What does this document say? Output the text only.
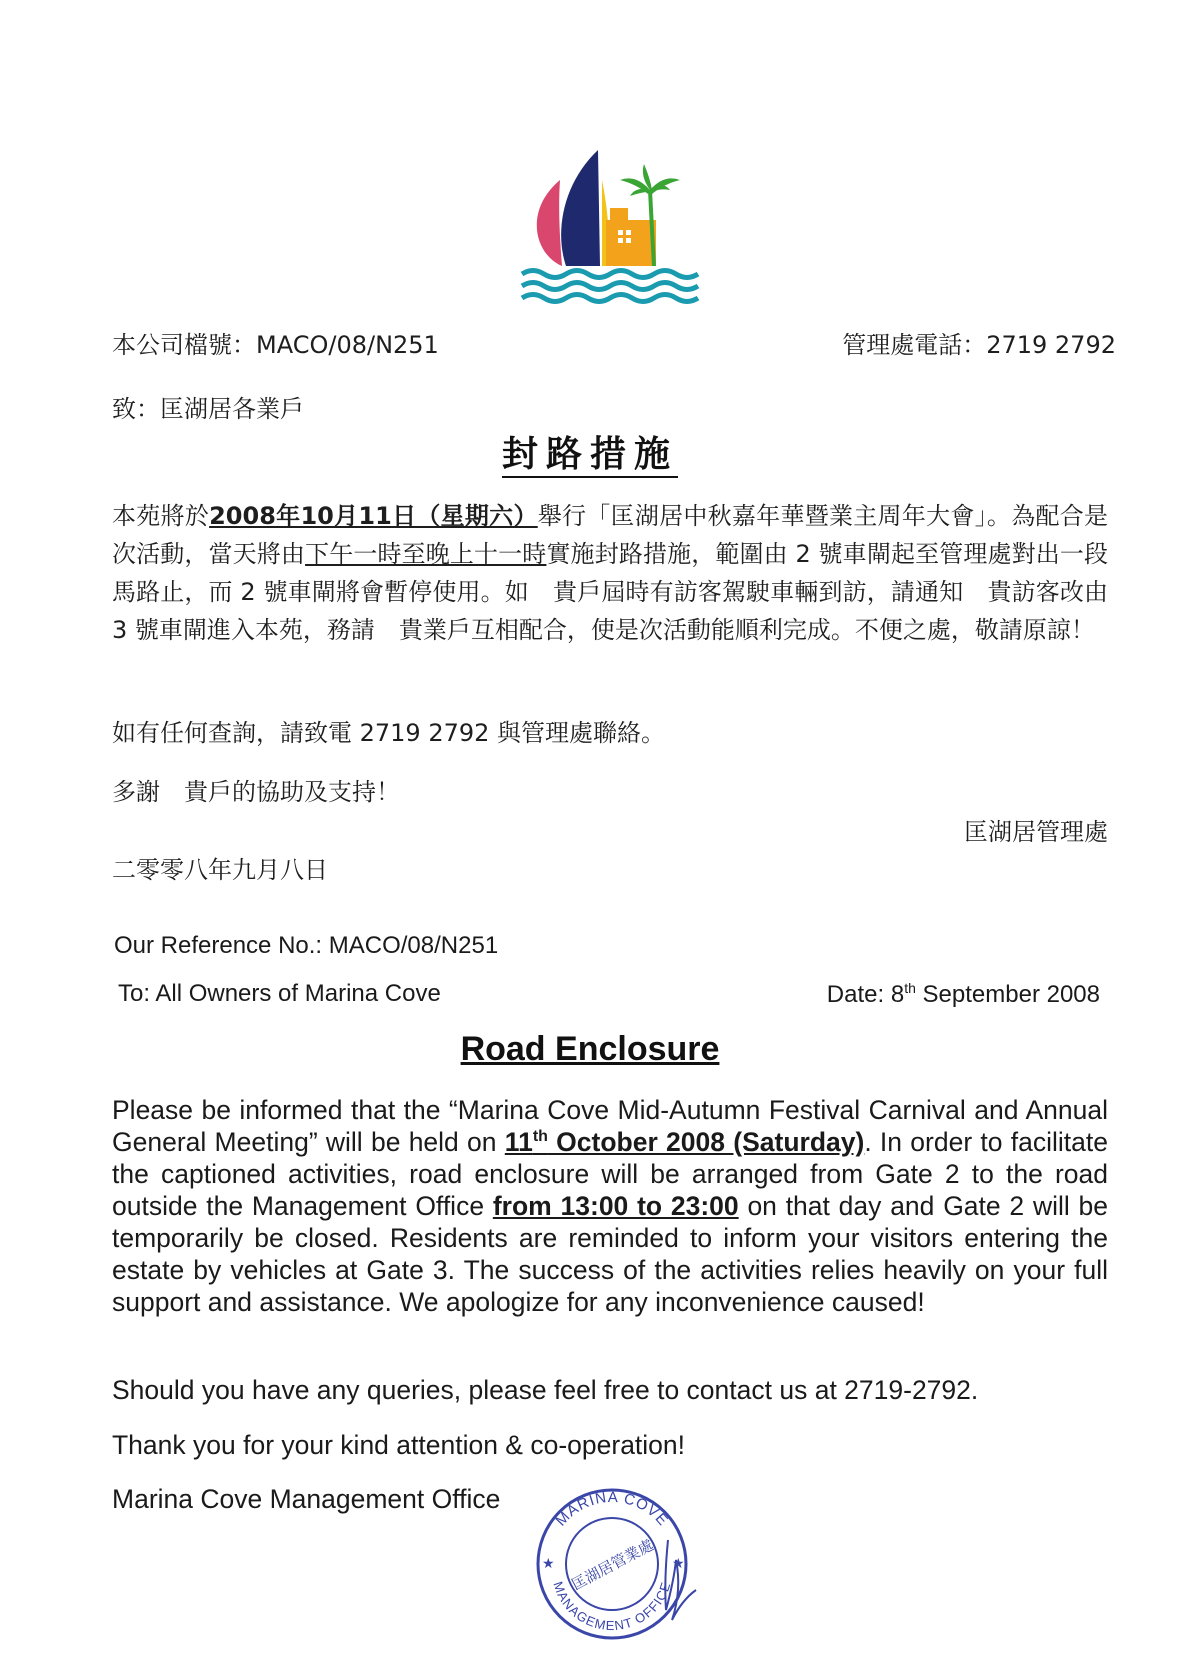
本公司檔號：MACO/08/N251	管理處電話：2719 2792
致：匡湖居各業戶
封路措施
本苑將於2008年10月11日（星期六）舉行「匡湖居中秋嘉年華暨業主周年大會」。為配合是次活動，當天將由下午一時至晚上十一時實施封路措施，範圍由 2 號車閘起至管理處對出一段馬路止，而 2 號車閘將會暫停使用。如　貴戶屆時有訪客駕駛車輛到訪，請通知　貴訪客改由 3 號車閘進入本苑，務請　貴業戶互相配合，使是次活動能順利完成。不便之處，敬請原諒！
如有任何查詢，請致電 2719 2792 與管理處聯絡。
多謝　貴戶的協助及支持！
匡湖居管理處
二零零八年九月八日
Our Reference No.: MACO/08/N251
To: All Owners of Marina Cove	Date: 8th September 2008
Road Enclosure
Please be informed that the “Marina Cove Mid-Autumn Festival Carnival and Annual General Meeting” will be held on 11th October 2008 (Saturday). In order to facilitate the captioned activities, road enclosure will be arranged from Gate 2 to the road outside the Management Office from 13:00 to 23:00 on that day and Gate 2 will be temporarily be closed. Residents are reminded to inform your visitors entering the estate by vehicles at Gate 3. The success of the activities relies heavily on your full support and assistance. We apologize for any inconvenience caused!
Should you have any queries, please feel free to contact us at 2719-2792.
Thank you for your kind attention & co-operation!
Marina Cove Management Office
MARINA COVE
MANAGEMENT OFFICE
匡湖居管業處
★	★
